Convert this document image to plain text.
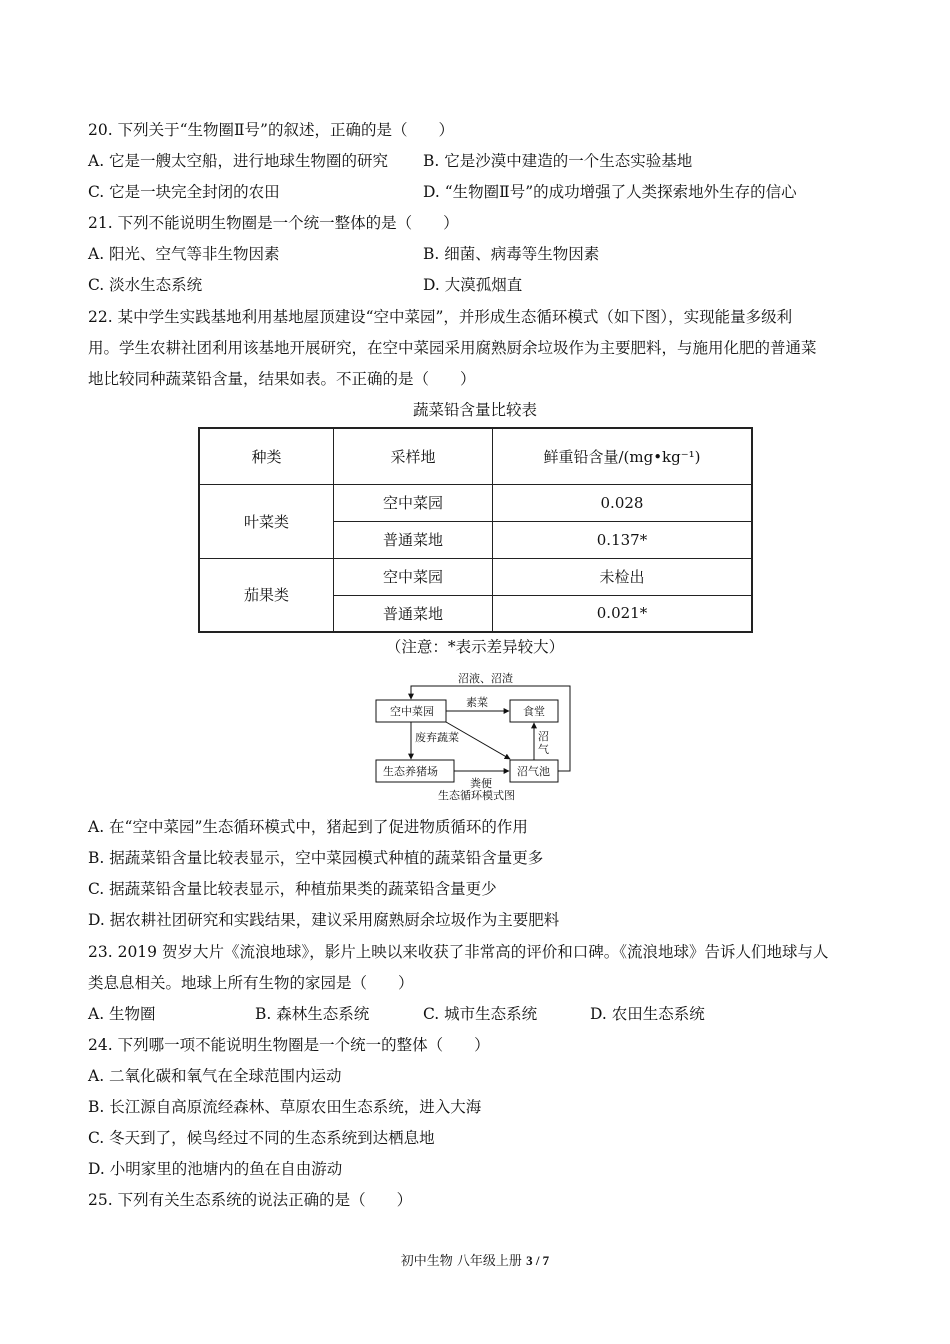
20. 下列关于“生物圈Ⅱ号”的叙述，正确的是（　　）
A. 它是一艘太空船，进行地球生物圈的研究 B. 它是沙漠中建造的一个生态实验基地
C. 它是一块完全封闭的农田	D. “生物圈Ⅱ号”的成功增强了人类探索地外生存的信心
21. 下列不能说明生物圈是一个统一整体的是（　　）
A. 阳光、空气等非生物因素	B. 细菌、病毒等生物因素
C. 淡水生态系统	D. 大漠孤烟直
22. 某中学生实践基地利用基地屋顶建设“空中菜园”，并形成生态循环模式（如下图），实现能量多级利
用。学生农耕社团利用该基地开展研究，在空中菜园采用腐熟厨余垃圾作为主要肥料，与施用化肥的普通菜
地比较同种蔬菜铅含量，结果如表。不正确的是（　　）
蔬菜铅含量比较表
种类	采样地	鲜重铅含量/(mg•kg⁻¹)
叶菜类	空中菜园	0.028
	普通菜地	0.137*
茄果类	空中菜园	未检出
	普通菜地	0.021*
（注意：*表示差异较大）
沼液、沼渣
空中菜园	食堂
生态养猪场	沼气池
素菜
废弃蔬菜
粪便
沼
气
生态循环模式图
A. 在“空中菜园”生态循环模式中，猪起到了促进物质循环的作用
B. 据蔬菜铅含量比较表显示，空中菜园模式种植的蔬菜铅含量更多
C. 据蔬菜铅含量比较表显示，种植茄果类的蔬菜铅含量更少
D. 据农耕社团研究和实践结果，建议采用腐熟厨余垃圾作为主要肥料
23. 2019 贺岁大片《流浪地球》，影片上映以来收获了非常高的评价和口碑。《流浪地球》告诉人们地球与人
类息息相关。地球上所有生物的家园是（　　）
A. 生物圈	B. 森林生态系统	C. 城市生态系统	D. 农田生态系统
24. 下列哪一项不能说明生物圈是一个统一的整体（　　）
A. 二氧化碳和氧气在全球范围内运动
B. 长江源自高原流经森林、草原农田生态系统，进入大海
C. 冬天到了，候鸟经过不同的生态系统到达栖息地
D. 小明家里的池塘内的鱼在自由游动
25. 下列有关生态系统的说法正确的是（　　）
初中生物 八年级上册 3 / 7
